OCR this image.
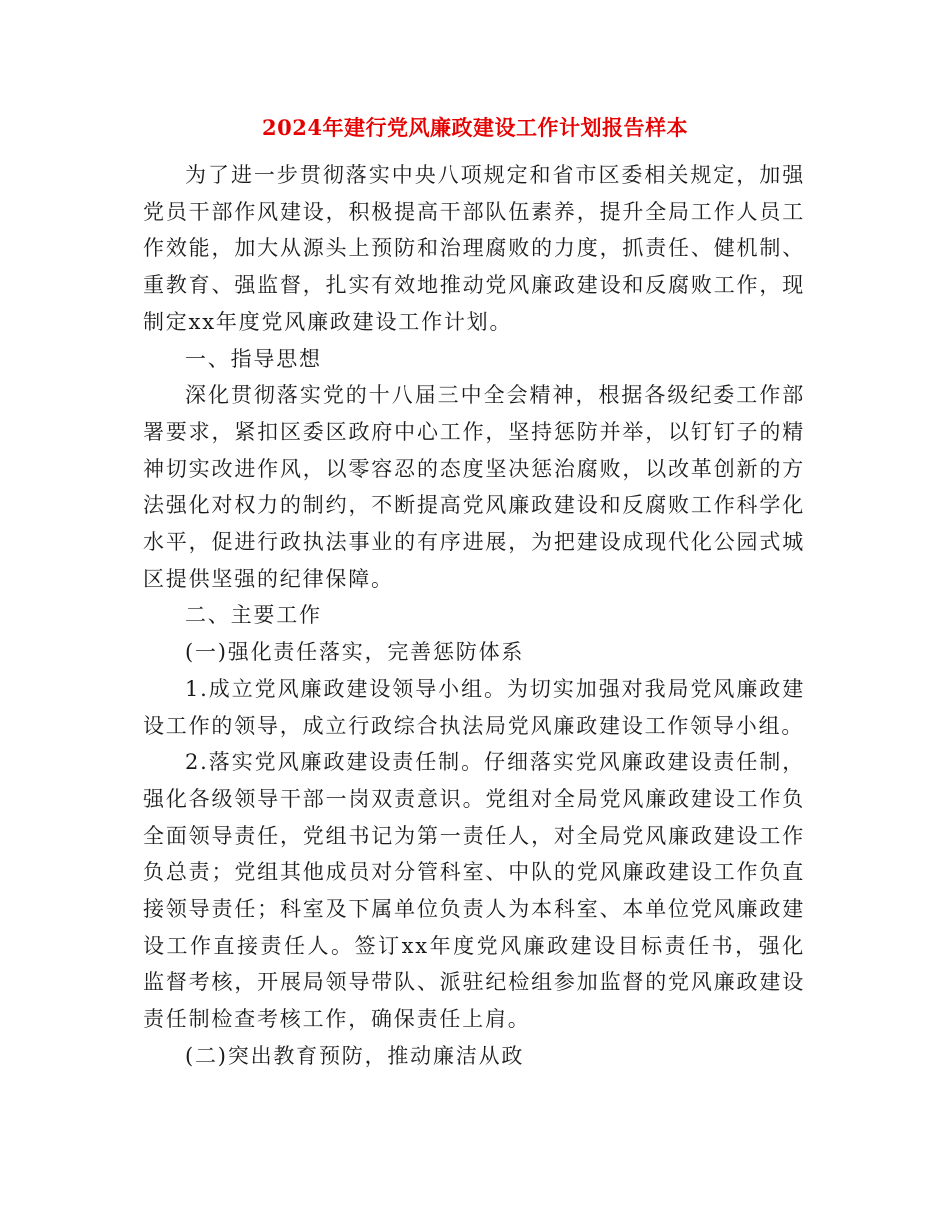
2024年建行党风廉政建设工作计划报告样本

为了进一步贯彻落实中央八项规定和省市区委相关规定，加强党员干部作风建设，积极提高干部队伍素养，提升全局工作人员工作效能，加大从源头上预防和治理腐败的力度，抓责任、健机制、重教育、强监督，扎实有效地推动党风廉政建设和反腐败工作，现制定xx年度党风廉政建设工作计划。

一、指导思想

深化贯彻落实党的十八届三中全会精神，根据各级纪委工作部署要求，紧扣区委区政府中心工作，坚持惩防并举，以钉钉子的精神切实改进作风，以零容忍的态度坚决惩治腐败，以改革创新的方法强化对权力的制约，不断提高党风廉政建设和反腐败工作科学化水平，促进行政执法事业的有序进展，为把建设成现代化公园式城区提供坚强的纪律保障。

二、主要工作

(一)强化责任落实，完善惩防体系

1.成立党风廉政建设领导小组。为切实加强对我局党风廉政建设工作的领导，成立行政综合执法局党风廉政建设工作领导小组。

2.落实党风廉政建设责任制。仔细落实党风廉政建设责任制，强化各级领导干部一岗双责意识。党组对全局党风廉政建设工作负全面领导责任，党组书记为第一责任人，对全局党风廉政建设工作负总责；党组其他成员对分管科室、中队的党风廉政建设工作负直接领导责任；科室及下属单位负责人为本科室、本单位党风廉政建设工作直接责任人。签订xx年度党风廉政建设目标责任书，强化监督考核，开展局领导带队、派驻纪检组参加监督的党风廉政建设责任制检查考核工作，确保责任上肩。

(二)突出教育预防，推动廉洁从政
